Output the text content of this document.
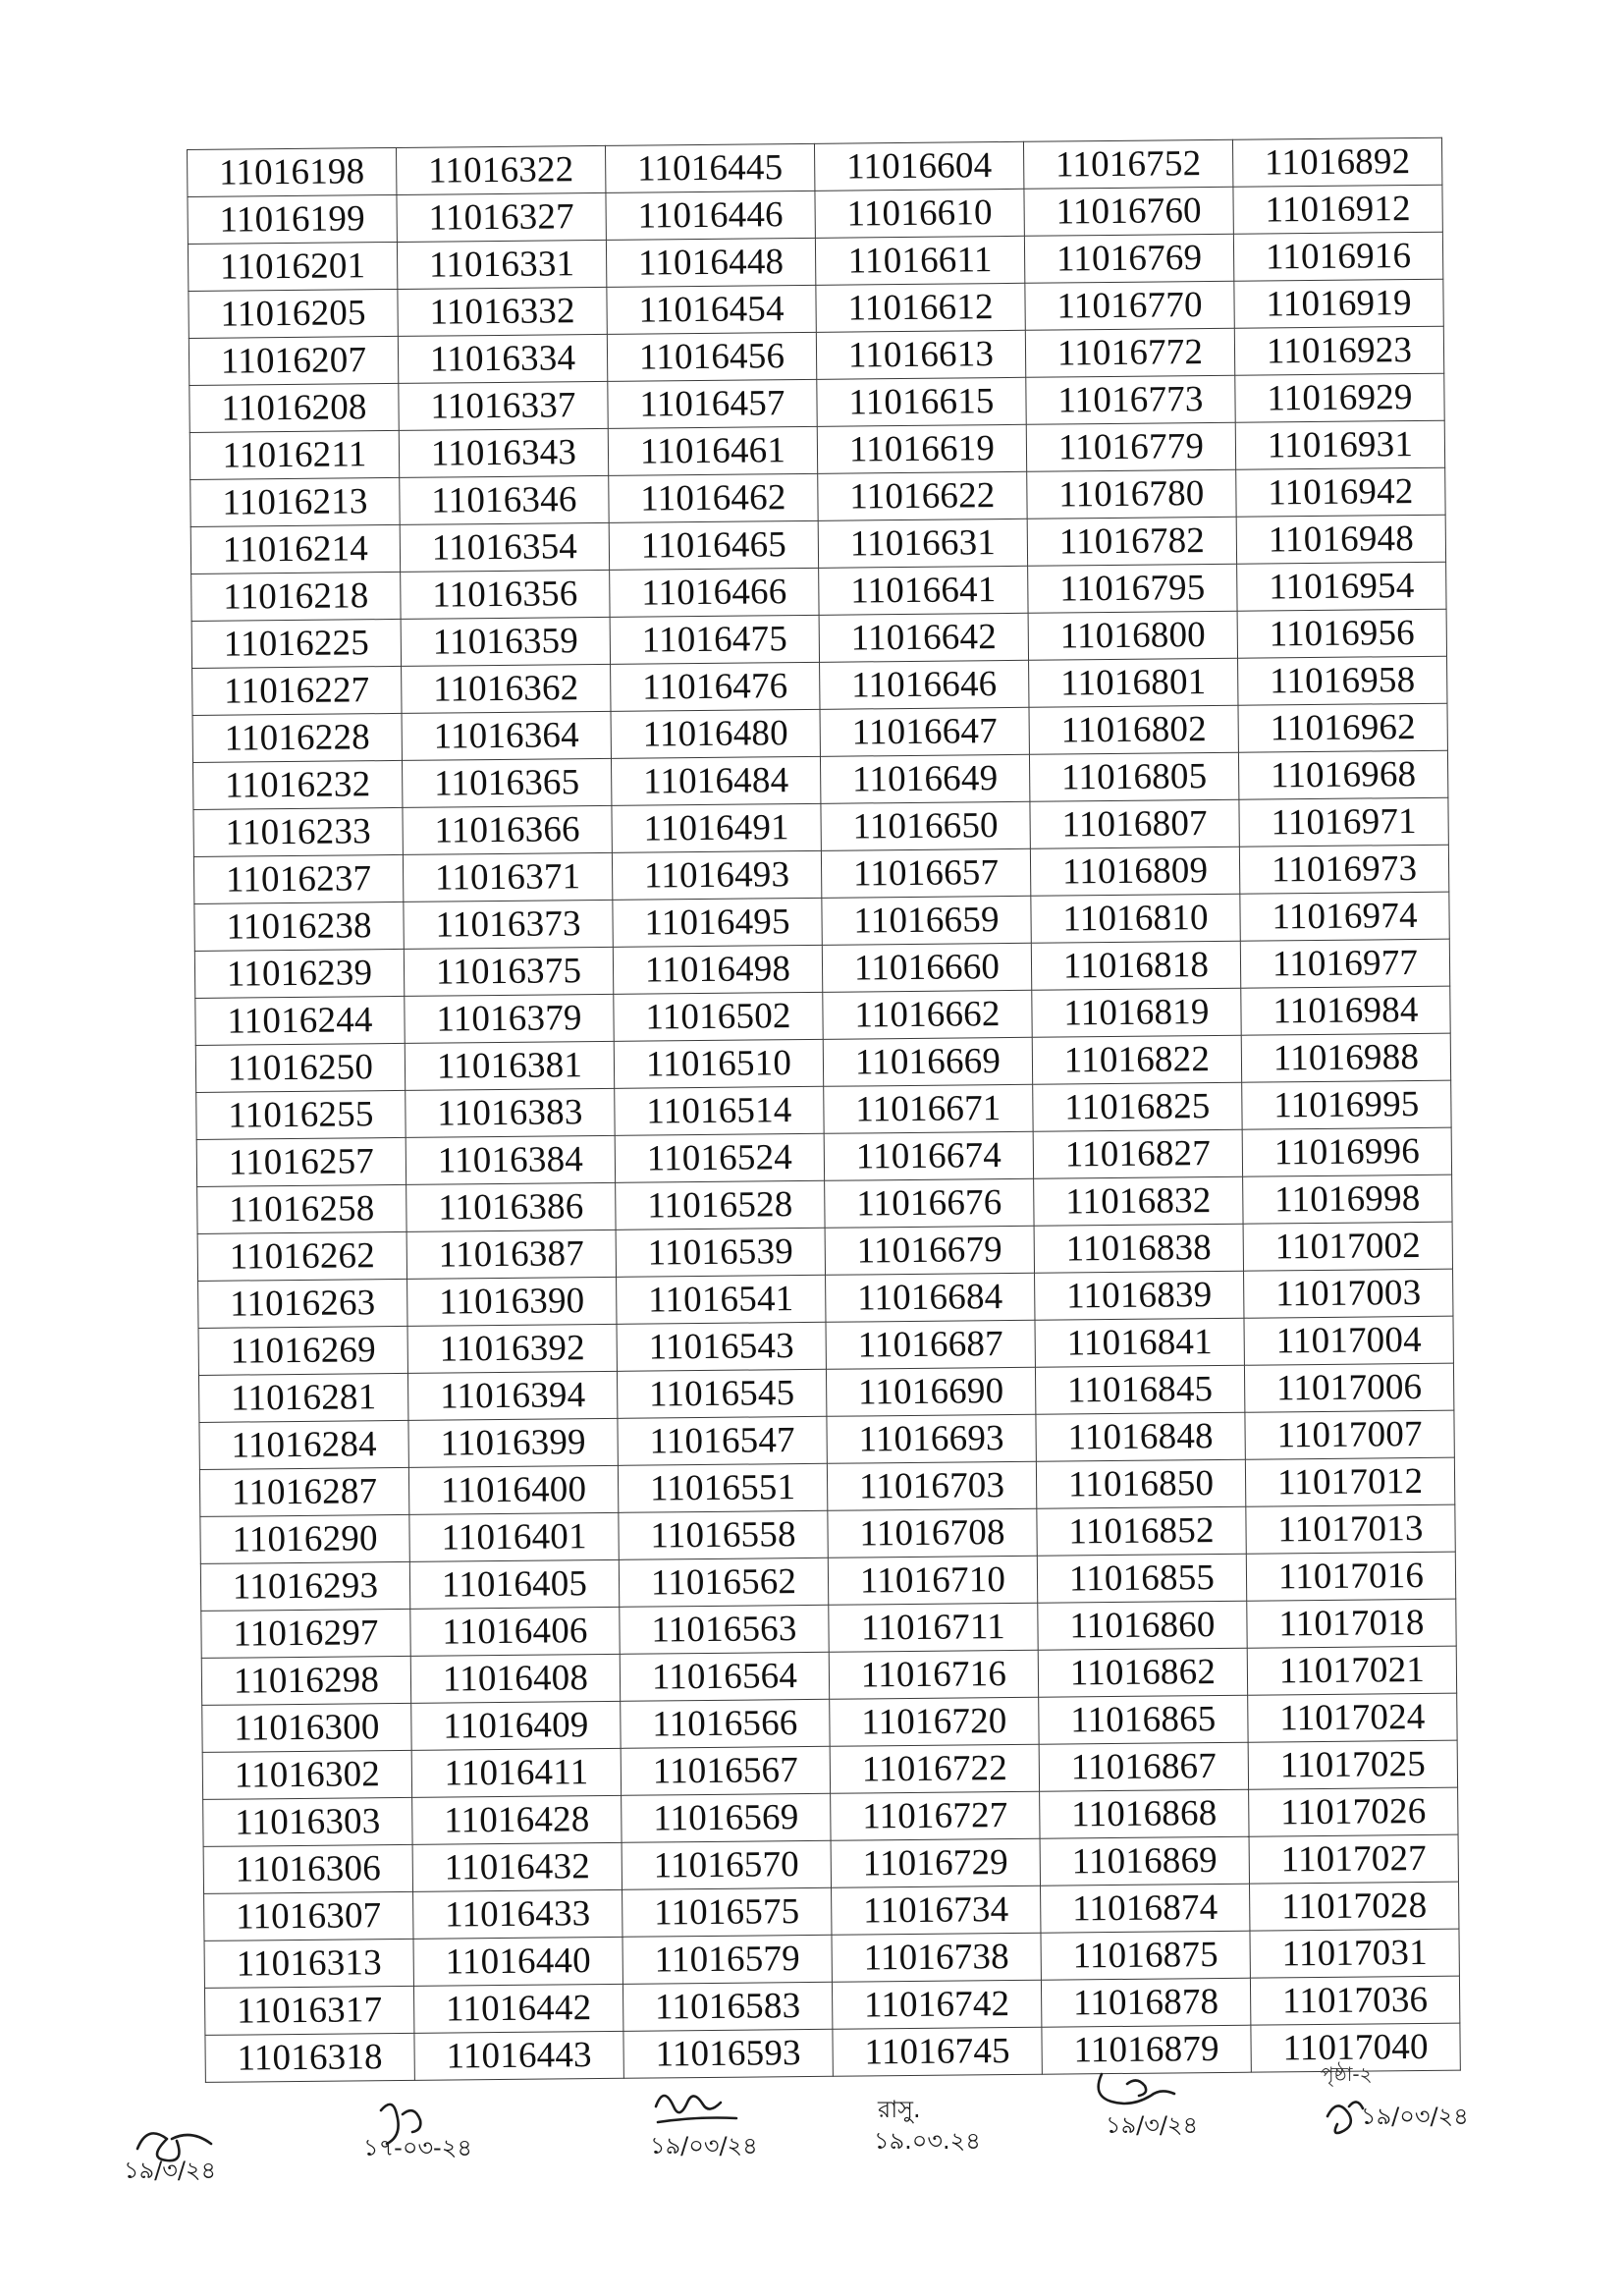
11016198	11016322	11016445	11016604	11016752	11016892
11016199	11016327	11016446	11016610	11016760	11016912
11016201	11016331	11016448	11016611	11016769	11016916
11016205	11016332	11016454	11016612	11016770	11016919
11016207	11016334	11016456	11016613	11016772	11016923
11016208	11016337	11016457	11016615	11016773	11016929
11016211	11016343	11016461	11016619	11016779	11016931
11016213	11016346	11016462	11016622	11016780	11016942
11016214	11016354	11016465	11016631	11016782	11016948
11016218	11016356	11016466	11016641	11016795	11016954
11016225	11016359	11016475	11016642	11016800	11016956
11016227	11016362	11016476	11016646	11016801	11016958
11016228	11016364	11016480	11016647	11016802	11016962
11016232	11016365	11016484	11016649	11016805	11016968
11016233	11016366	11016491	11016650	11016807	11016971
11016237	11016371	11016493	11016657	11016809	11016973
11016238	11016373	11016495	11016659	11016810	11016974
11016239	11016375	11016498	11016660	11016818	11016977
11016244	11016379	11016502	11016662	11016819	11016984
11016250	11016381	11016510	11016669	11016822	11016988
11016255	11016383	11016514	11016671	11016825	11016995
11016257	11016384	11016524	11016674	11016827	11016996
11016258	11016386	11016528	11016676	11016832	11016998
11016262	11016387	11016539	11016679	11016838	11017002
11016263	11016390	11016541	11016684	11016839	11017003
11016269	11016392	11016543	11016687	11016841	11017004
11016281	11016394	11016545	11016690	11016845	11017006
11016284	11016399	11016547	11016693	11016848	11017007
11016287	11016400	11016551	11016703	11016850	11017012
11016290	11016401	11016558	11016708	11016852	11017013
11016293	11016405	11016562	11016710	11016855	11017016
11016297	11016406	11016563	11016711	11016860	11017018
11016298	11016408	11016564	11016716	11016862	11017021
11016300	11016409	11016566	11016720	11016865	11017024
11016302	11016411	11016567	11016722	11016867	11017025
11016303	11016428	11016569	11016727	11016868	11017026
11016306	11016432	11016570	11016729	11016869	11017027
11016307	11016433	11016575	11016734	11016874	11017028
11016313	11016440	11016579	11016738	11016875	11017031
11016317	11016442	11016583	11016742	11016878	11017036
11016318	11016443	11016593	11016745	11016879	11017040
পৃষ্ঠা-২
১৯/৩/২৪
১৭-০৩-২৪	১৯/০৩/২৪
রাসু.
১৯.০৩.২৪
১৯/৩/২৪	১৯/০৩/২৪
